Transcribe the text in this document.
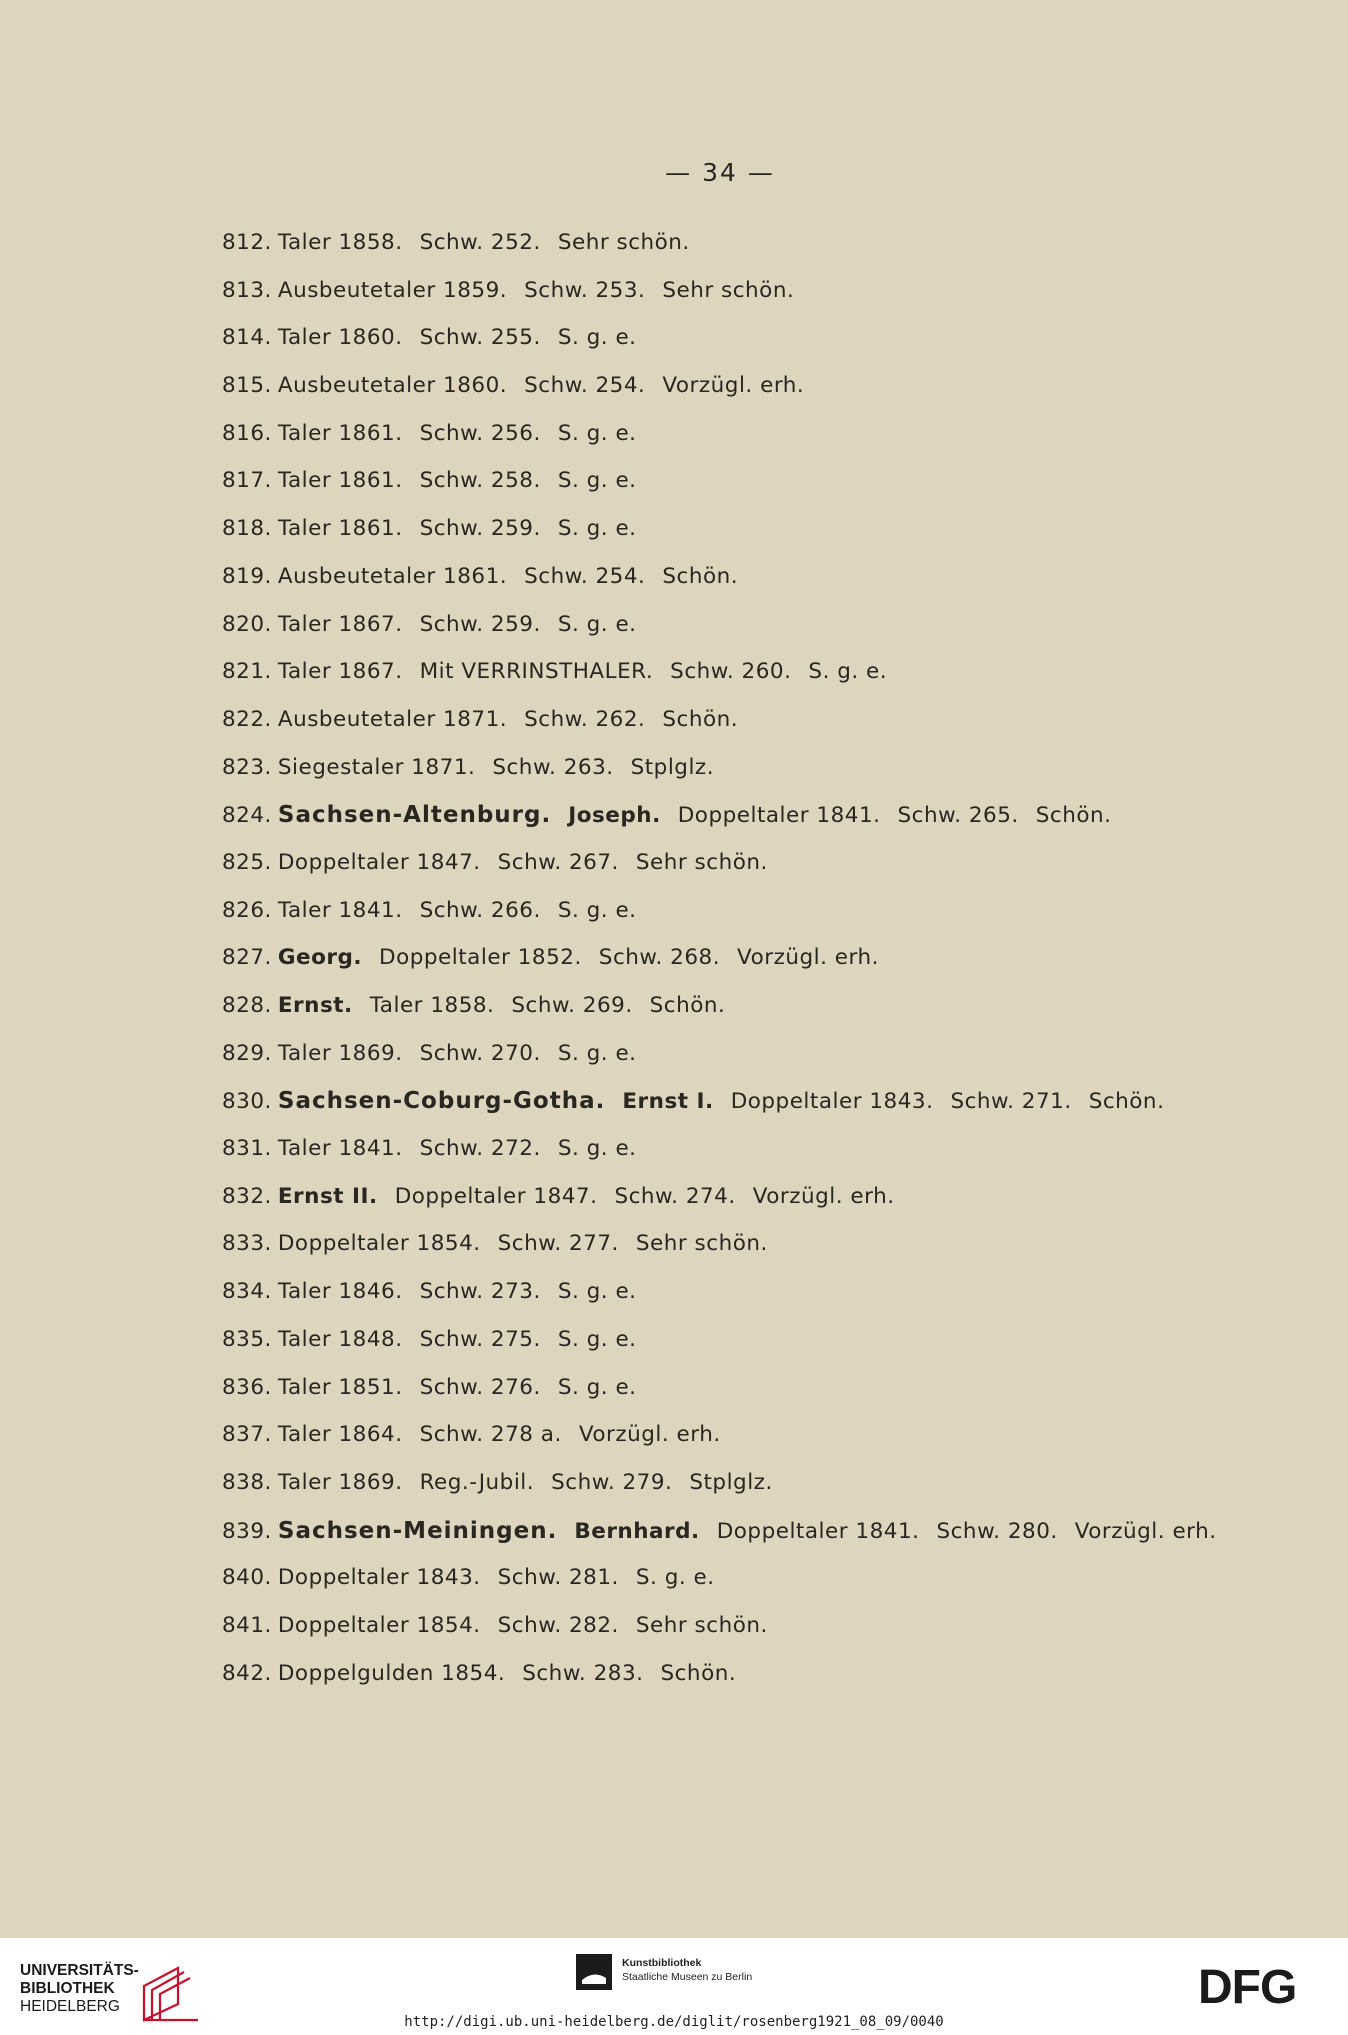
— 34 —
812. Taler 1858. Schw. 252. Sehr schön.
813. Ausbeutetaler 1859. Schw. 253. Sehr schön.
814. Taler 1860. Schw. 255. S. g. e.
815. Ausbeutetaler 1860. Schw. 254. Vorzügl. erh.
816. Taler 1861. Schw. 256. S. g. e.
817. Taler 1861. Schw. 258. S. g. e.
818. Taler 1861. Schw. 259. S. g. e.
819. Ausbeutetaler 1861. Schw. 254. Schön.
820. Taler 1867. Schw. 259. S. g. e.
821. Taler 1867. Mit VERRINSTHALER. Schw. 260. S. g. e.
822. Ausbeutetaler 1871. Schw. 262. Schön.
823. Siegestaler 1871. Schw. 263. Stplglz.
824. Sachsen-Altenburg. Joseph. Doppeltaler 1841. Schw. 265. Schön.
825. Doppeltaler 1847. Schw. 267. Sehr schön.
826. Taler 1841. Schw. 266. S. g. e.
827. Georg. Doppeltaler 1852. Schw. 268. Vorzügl. erh.
828. Ernst. Taler 1858. Schw. 269. Schön.
829. Taler 1869. Schw. 270. S. g. e.
830. Sachsen-Coburg-Gotha. Ernst I. Doppeltaler 1843. Schw. 271. Schön.
831. Taler 1841. Schw. 272. S. g. e.
832. Ernst II. Doppeltaler 1847. Schw. 274. Vorzügl. erh.
833. Doppeltaler 1854. Schw. 277. Sehr schön.
834. Taler 1846. Schw. 273. S. g. e.
835. Taler 1848. Schw. 275. S. g. e.
836. Taler 1851. Schw. 276. S. g. e.
837. Taler 1864. Schw. 278 a. Vorzügl. erh.
838. Taler 1869. Reg.-Jubil. Schw. 279. Stplglz.
839. Sachsen-Meiningen. Bernhard. Doppeltaler 1841. Schw. 280. Vorzügl. erh.
840. Doppeltaler 1843. Schw. 281. S. g. e.
841. Doppeltaler 1854. Schw. 282. Sehr schön.
842. Doppelgulden 1854. Schw. 283. Schön.
UNIVERSITÄTS-
BIBLIOTHEK
HEIDELBERG
Kunstbibliothek
Staatliche Museen zu Berlin	DFG
http://digi.ub.uni-heidelberg.de/diglit/rosenberg1921_08_09/0040
